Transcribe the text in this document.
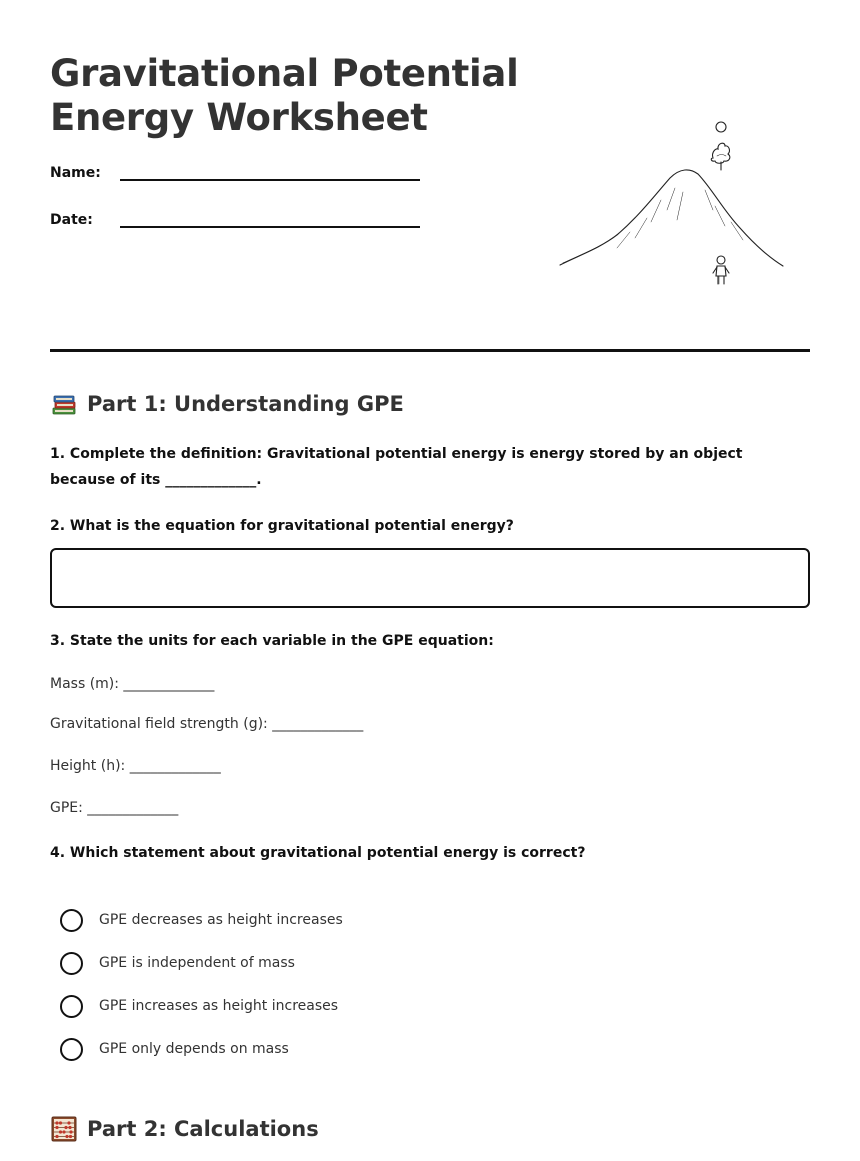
Gravitational Potential Energy Worksheet
Name:
Date:
Part 1: Understanding GPE

1. Complete the definition: Gravitational potential energy is energy stored by an object because of its _____________.

2. What is the equation for gravitational potential energy?

3. State the units for each variable in the GPE equation:

Mass (m): _____________
Gravitational field strength (g): _____________
Height (h): _____________
GPE: _____________

4. Which statement about gravitational potential energy is correct?

GPE decreases as height increases
GPE is independent of mass
GPE increases as height increases
GPE only depends on mass
Part 2: Calculations
